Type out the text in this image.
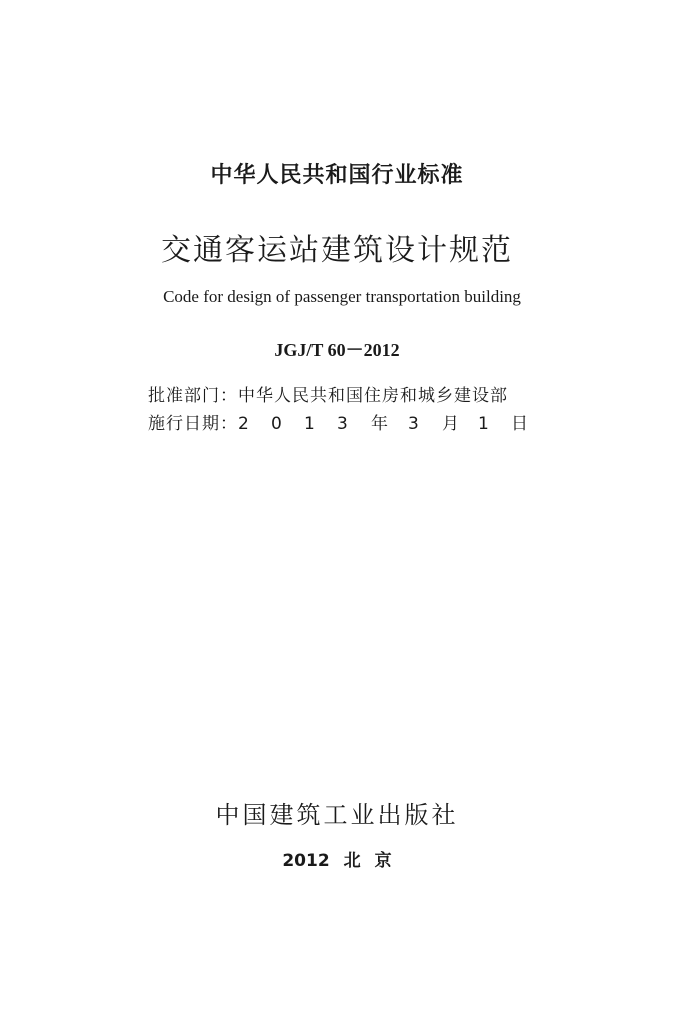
中华人民共和国行业标准
交通客运站建筑设计规范
Code for design of passenger transportation building
JGJ/T 60－2012
批准部门： 中华人民共和国住房和城乡建设部
施行日期： 2 0 1 3 年 3 月 1 日
中国建筑工业出版社
2012 北 京
